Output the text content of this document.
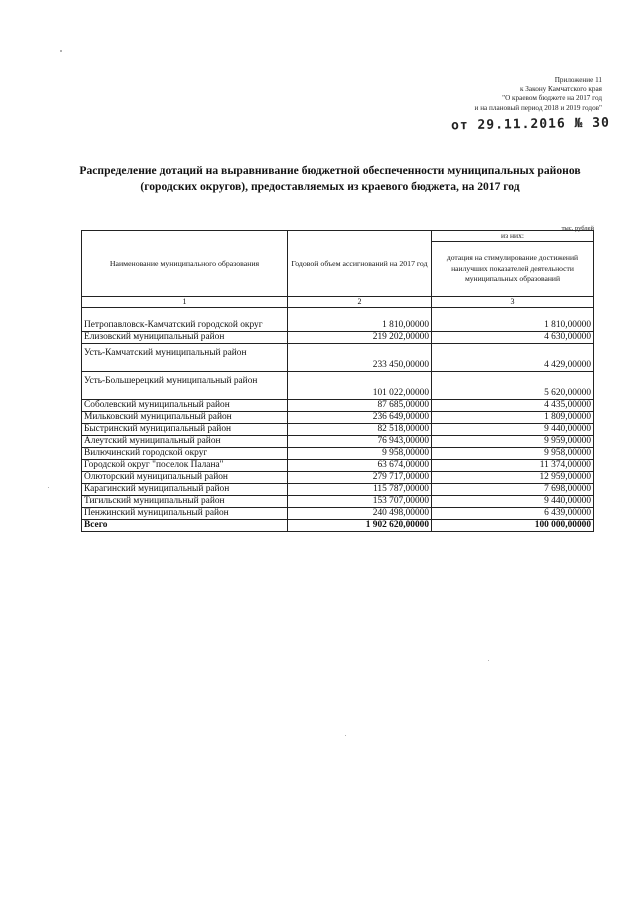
Приложение 11
к Закону Камчатского края
"О краевом бюджете на 2017 год
и на плановый период 2018 и 2019 годов"
от 29.11.2016 № 30
Распределение дотаций на выравнивание бюджетной обеспеченности муниципальных районов (городских округов), предоставляемых из краевого бюджета, на 2017 год
тыс. рублей
Наименование муниципального образования	Годовой объем ассигнований на 2017 год	из них:
		дотация на стимулирование достижений наилучших показателей деятельности муниципальных образований
1	2	3
Петропавловск-Камчатский городской округ	1 810,00000	1 810,00000
Елизовский муниципальный район	219 202,00000	4 630,00000
Усть-Камчатский муниципальный район	233 450,00000	4 429,00000
Усть-Большерецкий муниципальный район	101 022,00000	5 620,00000
Соболевский муниципальный район	87 685,00000	4 435,00000
Мильковский муниципальный район	236 649,00000	1 809,00000
Быстринский муниципальный район	82 518,00000	9 440,00000
Алеутский муниципальный район	76 943,00000	9 959,00000
Вилючинский городской округ	9 958,00000	9 958,00000
Городской округ "поселок Палана"	63 674,00000	11 374,00000
Олюторский муниципальный район	279 717,00000	12 959,00000
Карагинский муниципальный район	115 787,00000	7 698,00000
Тигильский муниципальный район	153 707,00000	9 440,00000
Пенжинский муниципальный район	240 498,00000	6 439,00000
Всего	1 902 620,00000	100 000,00000
